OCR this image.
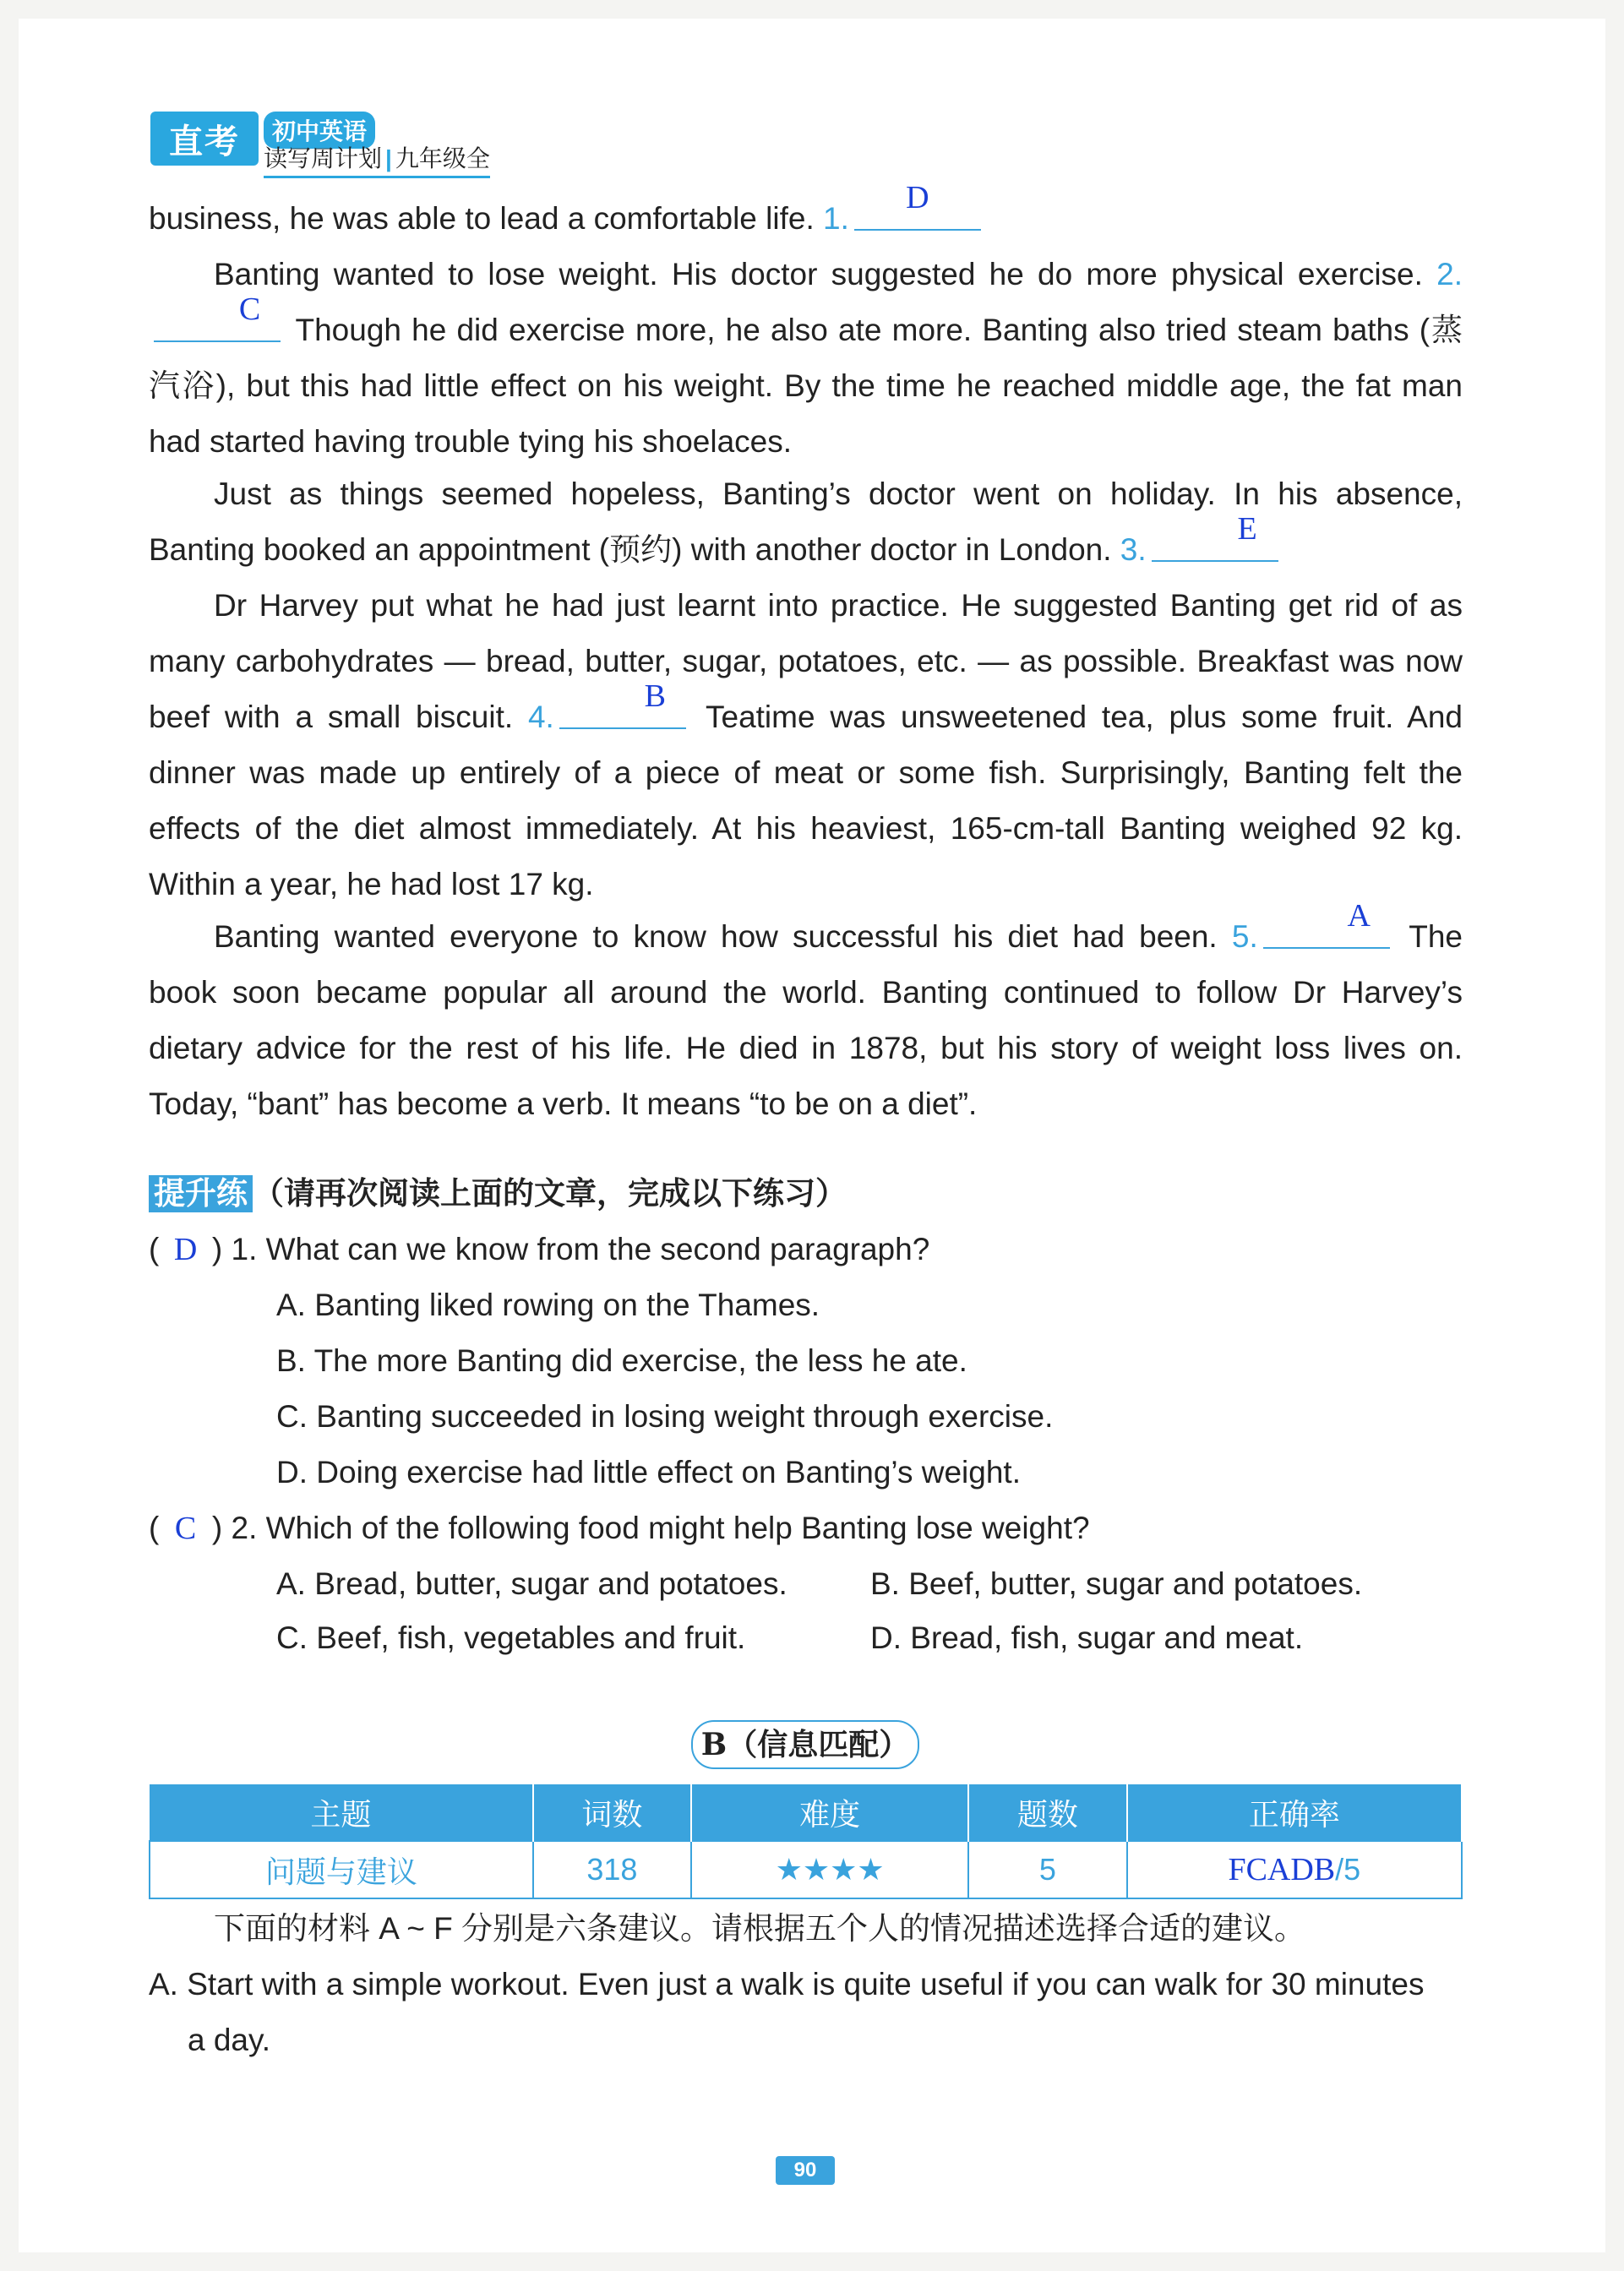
直考	初中英语
读写周计划 | 九年级全
business, he was able to lead a comfortable life. 1.
D
Banting wanted to lose weight. His doctor suggested he do more physical exercise. 2.
C
Though he did exercise more, he also ate more. Banting also tried steam baths (蒸汽浴), but this had little effect on his weight. By the time he reached middle age, the fat man had started having trouble tying his shoelaces.
Just as things seemed hopeless, Banting’s doctor went on holiday. In his absence, Banting booked an appointment (预约) with another doctor in London. 3.
E
Dr Harvey put what he had just learnt into practice. He suggested Banting get rid of as many carbohydrates — bread, butter, sugar, potatoes, etc. — as possible. Breakfast was now beef with a small biscuit. 4.
B
Teatime was unsweetened tea, plus some fruit. And dinner was made up entirely of a piece of meat or some fish. Surprisingly, Banting felt the effects of the diet almost immediately. At his heaviest, 165-cm-tall Banting weighed 92 kg. Within a year, he had lost 17 kg.
Banting wanted everyone to know how successful his diet had been. 5.
A
The book soon became popular all around the world. Banting continued to follow Dr Harvey’s dietary advice for the rest of his life. He died in 1878, but his story of weight loss lives on. Today, “bant” has become a verb. It means “to be on a diet”.
提升练 （请再次阅读上面的文章，完成以下练习）
( D ) 1. What can we know from the second paragraph?
A. Banting liked rowing on the Thames.
B. The more Banting did exercise, the less he ate.
C. Banting succeeded in losing weight through exercise.
D. Doing exercise had little effect on Banting’s weight.
( C ) 2. Which of the following food might help Banting lose weight?
A. Bread, butter, sugar and potatoes.	B. Beef, butter, sugar and potatoes.
C. Beef, fish, vegetables and fruit.	D. Bread, fish, sugar and meat.
B（信息匹配）
主题	词数	难度	题数	正确率
问题与建议	318	★★★★	5	FCADB/5
下面的材料 A ~ F 分别是六条建议。请根据五个人的情况描述选择合适的建议。
A. Start with a simple workout. Even just a walk is quite useful if you can walk for 30 minutes
a day.
90
